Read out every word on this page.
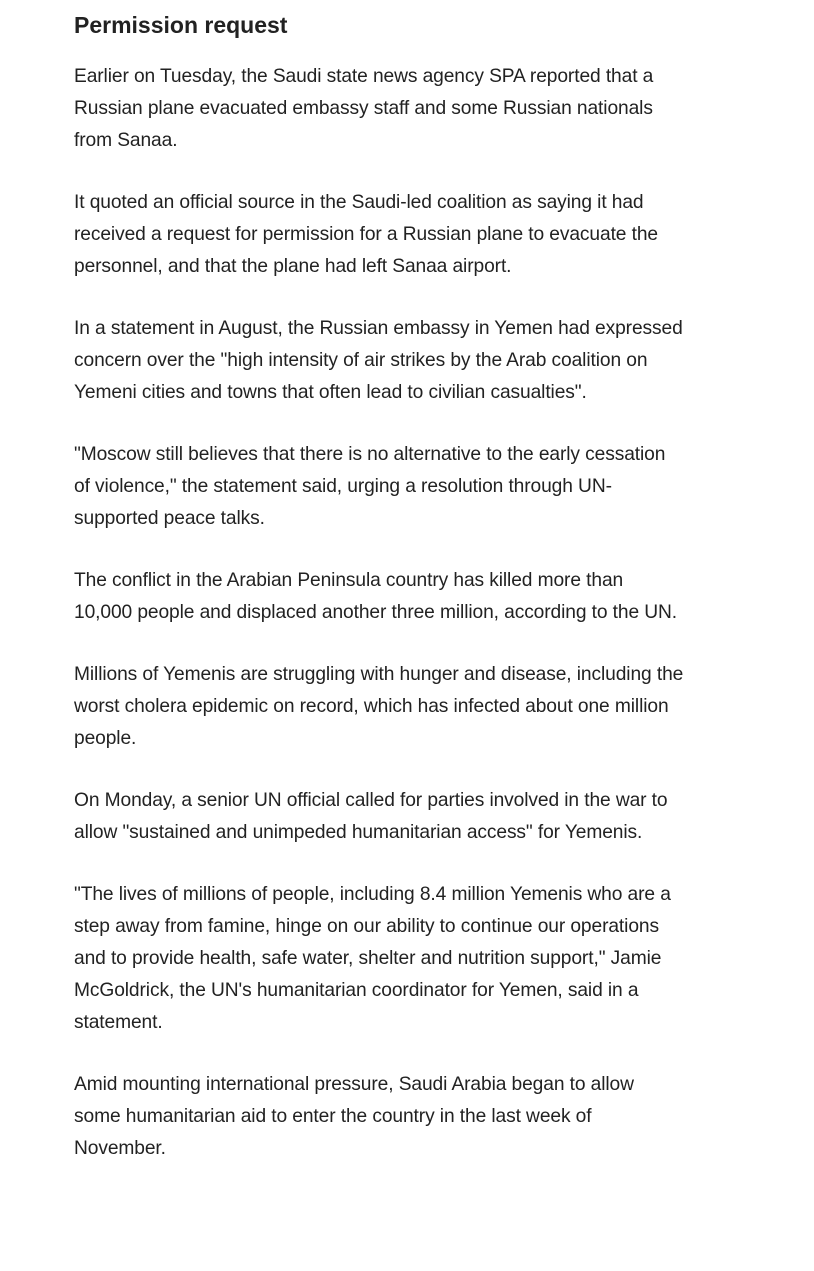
Permission request

Earlier on Tuesday, the Saudi state news agency SPA reported that a Russian plane evacuated embassy staff and some Russian nationals from Sanaa.

It quoted an official source in the Saudi-led coalition as saying it had received a request for permission for a Russian plane to evacuate the personnel, and that the plane had left Sanaa airport.

In a statement in August, the Russian embassy in Yemen had expressed concern over the "high intensity of air strikes by the Arab coalition on Yemeni cities and towns that often lead to civilian casualties".

"Moscow still believes that there is no alternative to the early cessation of violence," the statement said, urging a resolution through UN-supported peace talks.

The conflict in the Arabian Peninsula country has killed more than 10,000 people and displaced another three million, according to the UN.

Millions of Yemenis are struggling with hunger and disease, including the worst cholera epidemic on record, which has infected about one million people.

On Monday, a senior UN official called for parties involved in the war to allow "sustained and unimpeded humanitarian access" for Yemenis.

"The lives of millions of people, including 8.4 million Yemenis who are a step away from famine, hinge on our ability to continue our operations and to provide health, safe water, shelter and nutrition support," Jamie McGoldrick, the UN's humanitarian coordinator for Yemen, said in a statement.

Amid mounting international pressure, Saudi Arabia began to allow some humanitarian aid to enter the country in the last week of November.
